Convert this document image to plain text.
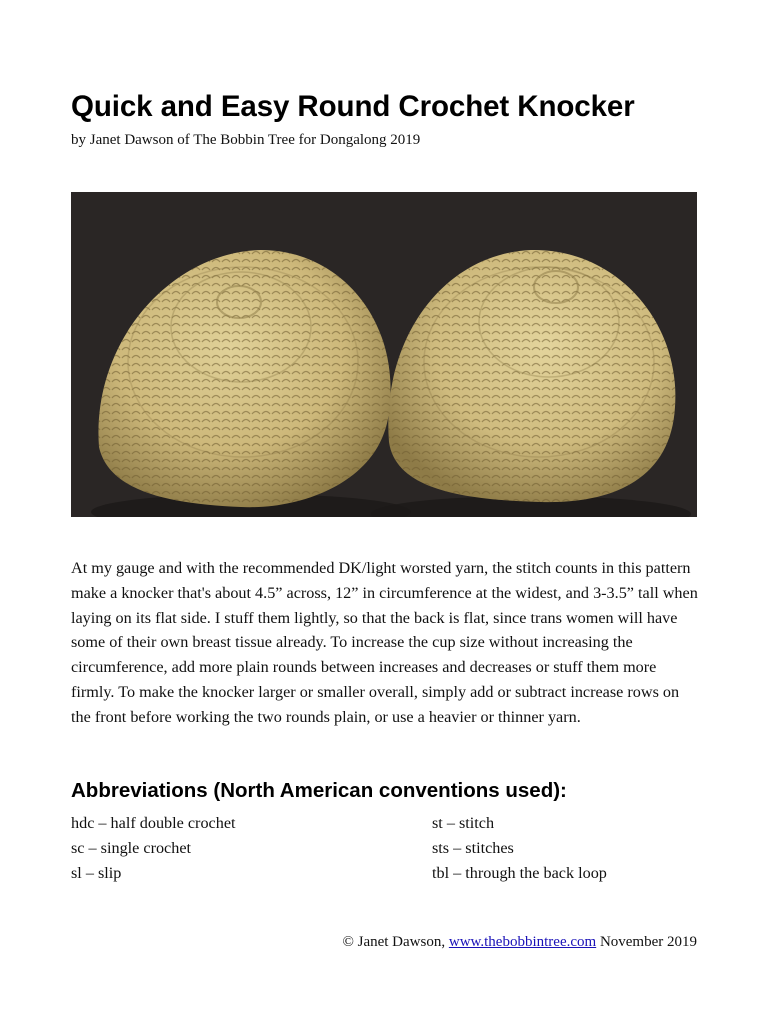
Quick and Easy Round Crochet Knocker
by Janet Dawson of The Bobbin Tree for Dongalong 2019

At my gauge and with the recommended DK/light worsted yarn, the stitch counts in this pattern make a knocker that's about 4.5” across, 12” in circumference at the widest, and 3-3.5” tall when laying on its flat side. I stuff them lightly, so that the back is flat, since trans women will have some of their own breast tissue already. To increase the cup size without increasing the circumference, add more plain rounds between increases and decreases or stuff them more firmly. To make the knocker larger or smaller overall, simply add or subtract increase rows on the front before working the two rounds plain, or use a heavier or thinner yarn.

Abbreviations (North American conventions used):
hdc – half double crochet
sc – single crochet
sl – slip
st – stitch
sts – stitches
tbl – through the back loop
© Janet Dawson, www.thebobbintree.com November 2019
